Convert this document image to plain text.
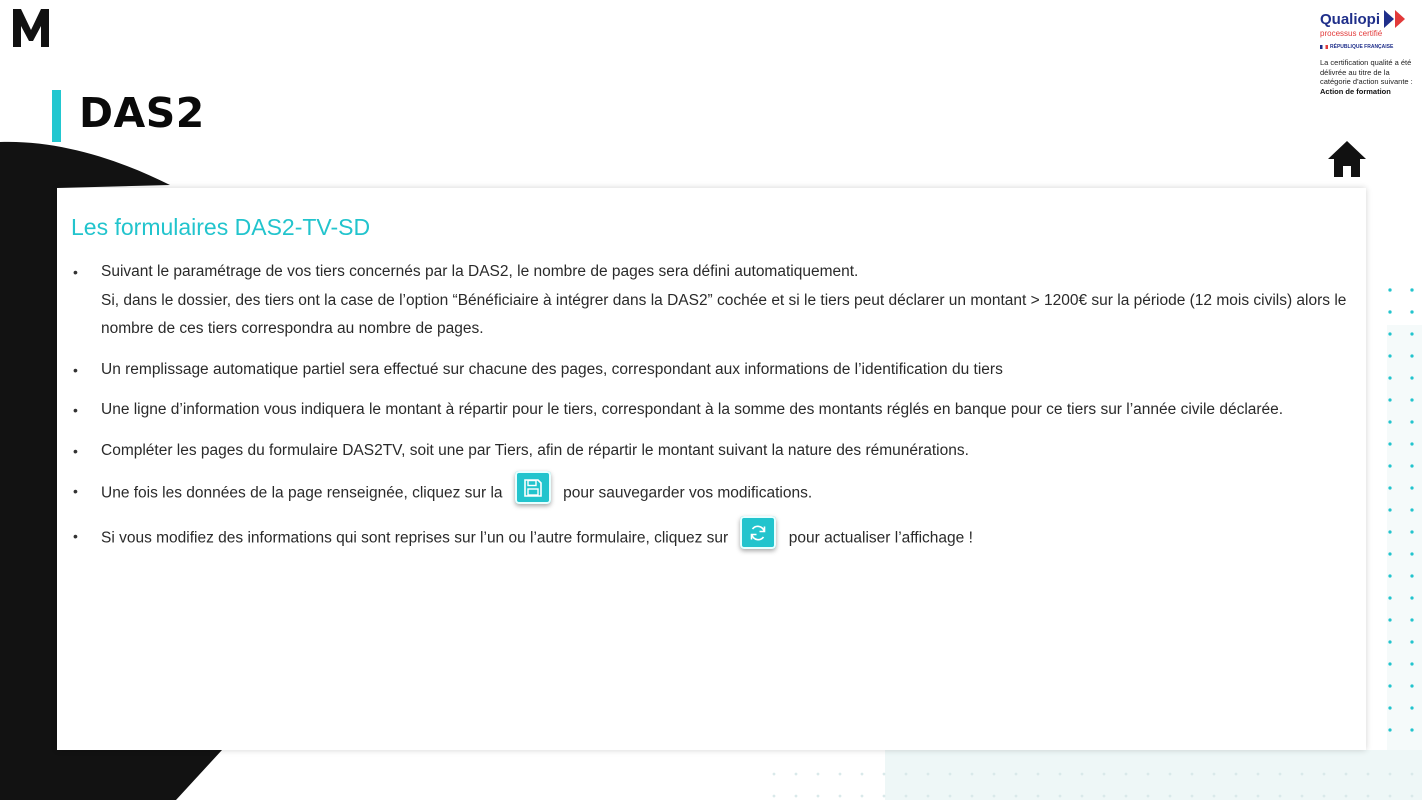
DAS2
Qualiopi
processus certifié
RÉPUBLIQUE FRANÇAISE
La certification qualité a été délivrée au titre de la catégorie d'action suivante :
Action de formation
Les formulaires DAS2-TV-SD
• Suivant le paramétrage de vos tiers concernés par la DAS2, le nombre de pages sera défini automatiquement.
Si, dans le dossier, des tiers ont la case de l’option “Bénéficiaire à intégrer dans la DAS2” cochée et si le tiers peut déclarer un montant > 1200€ sur la période (12 mois civils) alors le nombre de ces tiers correspondra au nombre de pages.
• Un remplissage automatique partiel sera effectué sur chacune des pages, correspondant aux informations de l’identification du tiers
• Une ligne d’information vous indiquera le montant à répartir pour le tiers, correspondant à la somme des montants réglés en banque pour ce tiers sur l’année civile déclarée.
• Compléter les pages du formulaire DAS2TV, soit une par Tiers, afin de répartir le montant suivant la nature des rémunérations.
• Une fois les données de la page renseignée, cliquez sur la	pour sauvegarder vos modifications.
• Si vous modifiez des informations qui sont reprises sur l’un ou l’autre formulaire, cliquez sur	pour actualiser l’affichage !
